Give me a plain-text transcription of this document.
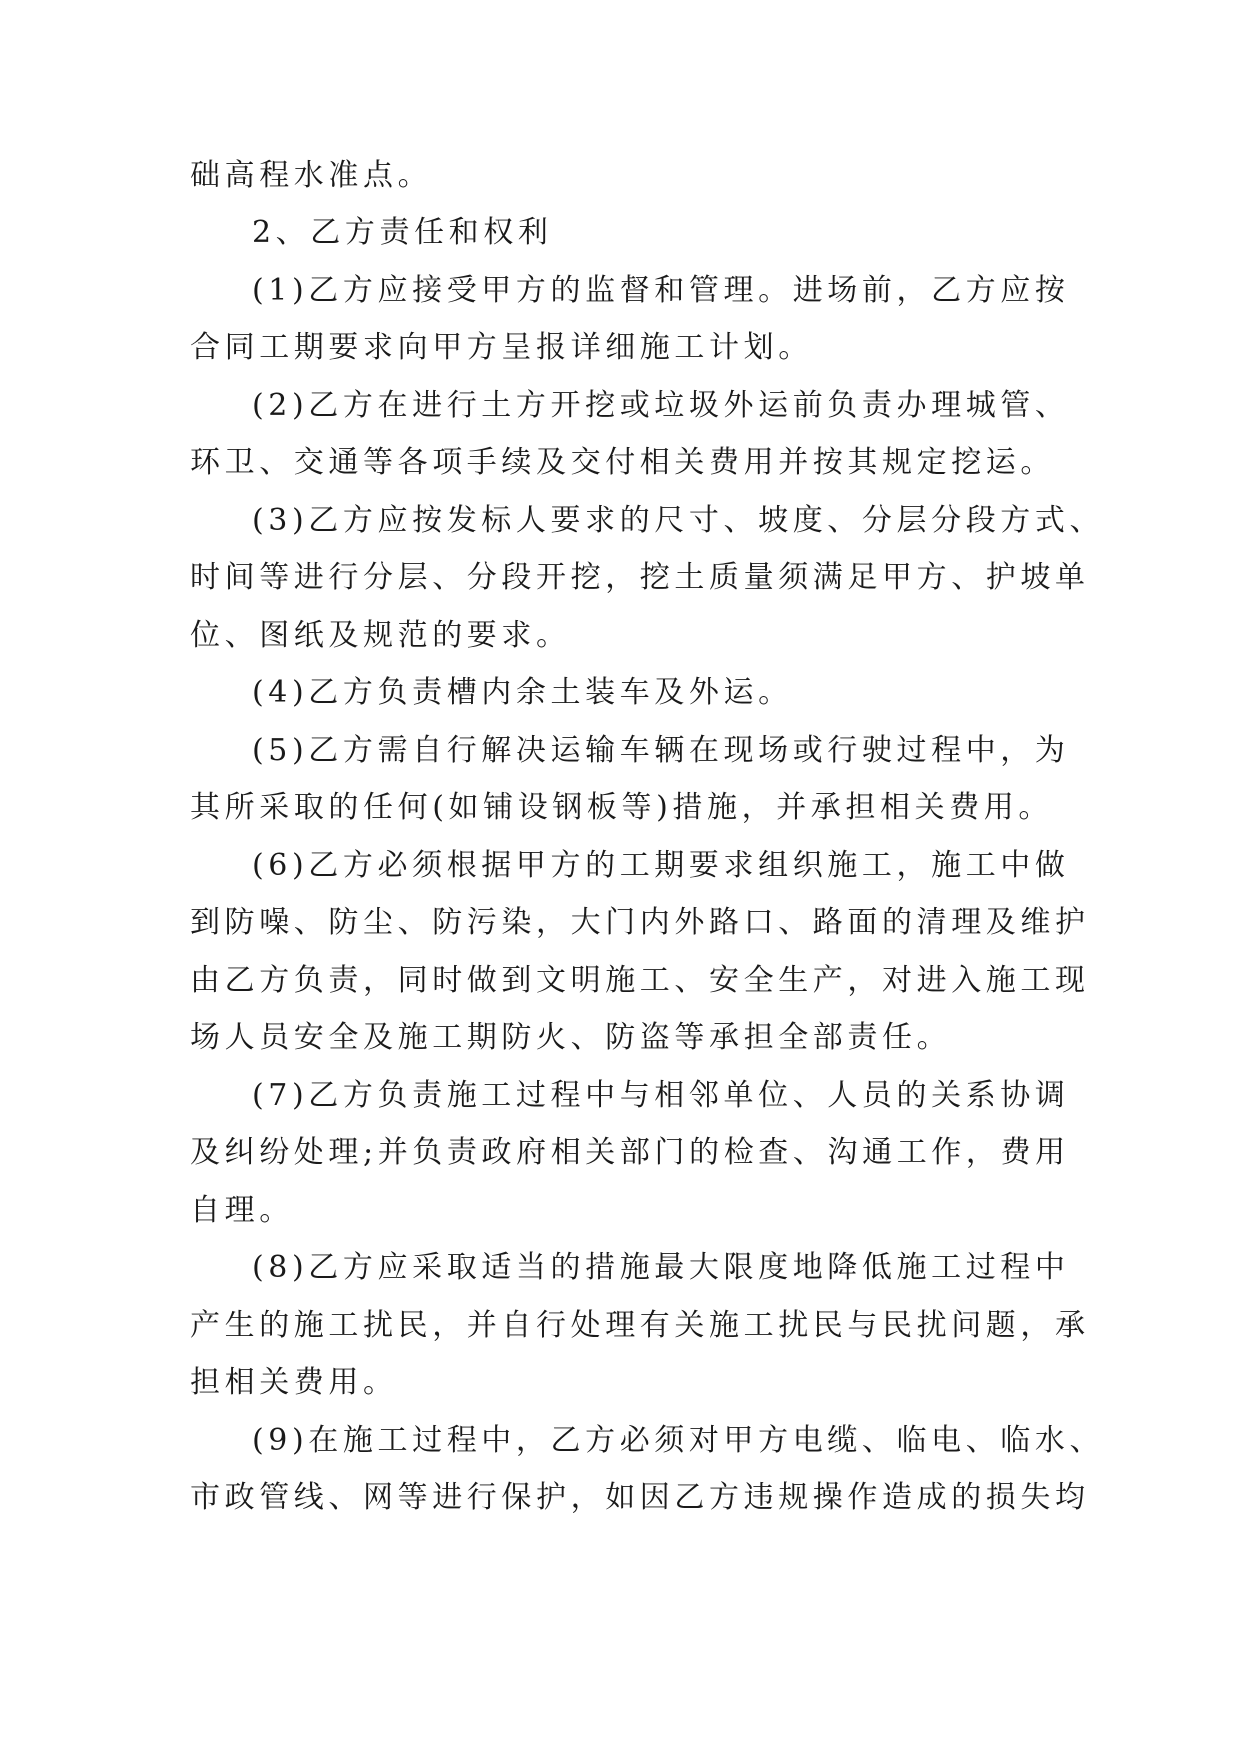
础高程水准点。
2、乙方责任和权利
(1)乙方应接受甲方的监督和管理。进场前，乙方应按
合同工期要求向甲方呈报详细施工计划。
(2)乙方在进行土方开挖或垃圾外运前负责办理城管、
环卫、交通等各项手续及交付相关费用并按其规定挖运。
(3)乙方应按发标人要求的尺寸、坡度、分层分段方式、
时间等进行分层、分段开挖，挖土质量须满足甲方、护坡单
位、图纸及规范的要求。
(4)乙方负责槽内余土装车及外运。
(5)乙方需自行解决运输车辆在现场或行驶过程中，为
其所采取的任何(如铺设钢板等)措施，并承担相关费用。
(6)乙方必须根据甲方的工期要求组织施工，施工中做
到防噪、防尘、防污染，大门内外路口、路面的清理及维护
由乙方负责，同时做到文明施工、安全生产，对进入施工现
场人员安全及施工期防火、防盗等承担全部责任。
(7)乙方负责施工过程中与相邻单位、人员的关系协调
及纠纷处理;并负责政府相关部门的检查、沟通工作，费用
自理。
(8)乙方应采取适当的措施最大限度地降低施工过程中
产生的施工扰民，并自行处理有关施工扰民与民扰问题，承
担相关费用。
(9)在施工过程中，乙方必须对甲方电缆、临电、临水、
市政管线、网等进行保护，如因乙方违规操作造成的损失均
